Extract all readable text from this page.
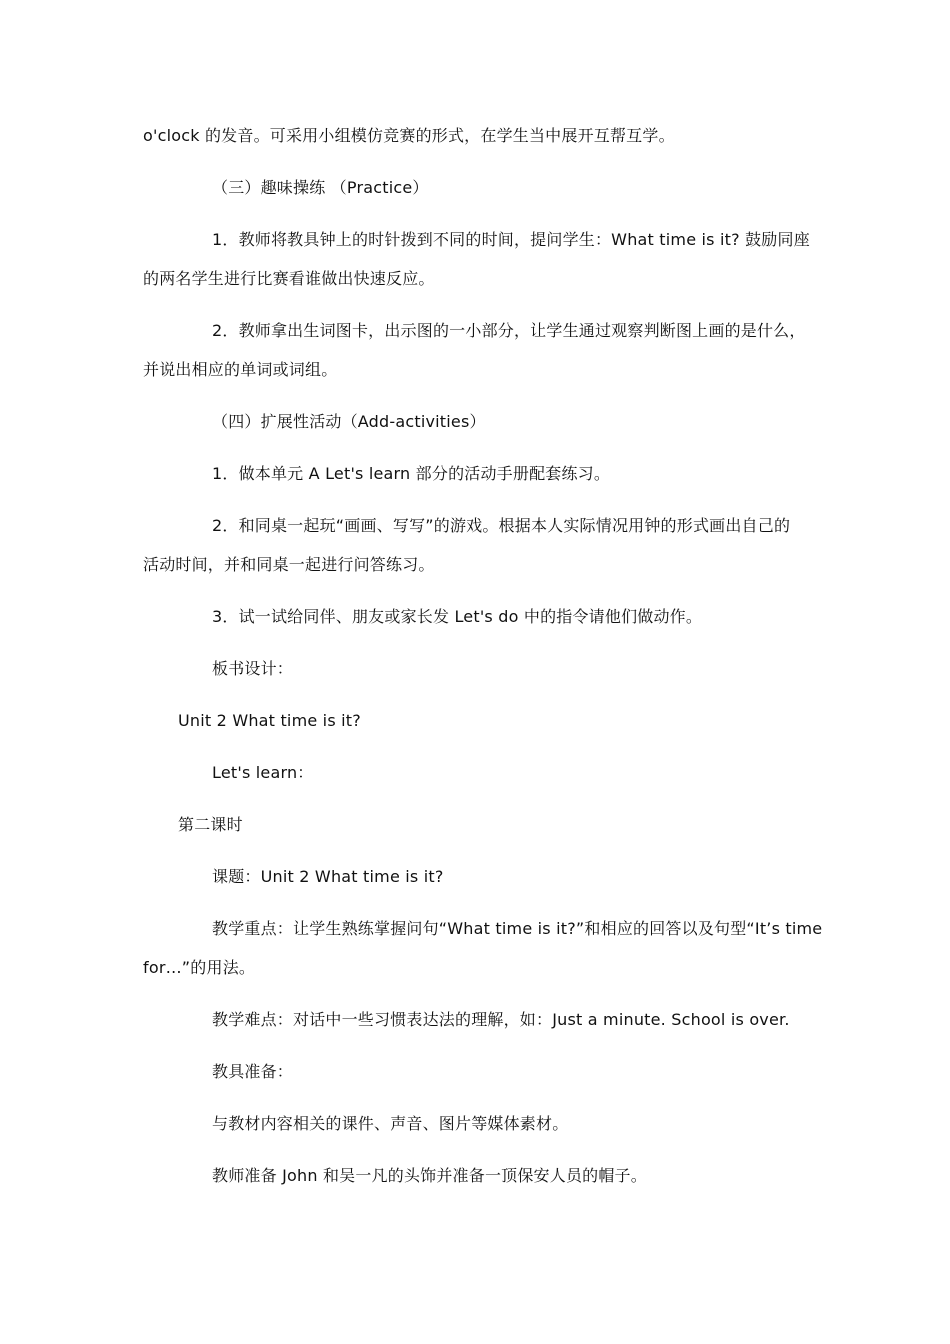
o'clock 的发音。可采用小组模仿竞赛的形式，在学生当中展开互帮互学。
（三）趣味操练 （Practice）
1．教师将教具钟上的时针拨到不同的时间，提问学生：What time is it? 鼓励同座
的两名学生进行比赛看谁做出快速反应。
2．教师拿出生词图卡，出示图的一小部分，让学生通过观察判断图上画的是什么，
并说出相应的单词或词组。
（四）扩展性活动（Add-activities）
1．做本单元 A Let's learn 部分的活动手册配套练习。
2．和同桌一起玩“画画、写写”的游戏。根据本人实际情况用钟的形式画出自己的
活动时间，并和同桌一起进行问答练习。
3．试一试给同伴、朋友或家长发 Let's do 中的指令请他们做动作。
板书设计：
Unit 2 What time is it?
Let's learn：
第二课时
课题：Unit 2 What time is it?
教学重点：让学生熟练掌握问句“What time is it?”和相应的回答以及句型“It’s time
for…”的用法。
教学难点：对话中一些习惯表达法的理解，如：Just a minute. School is over.
教具准备：
与教材内容相关的课件、声音、图片等媒体素材。
教师准备 John 和吴一凡的头饰并准备一顶保安人员的帽子。
